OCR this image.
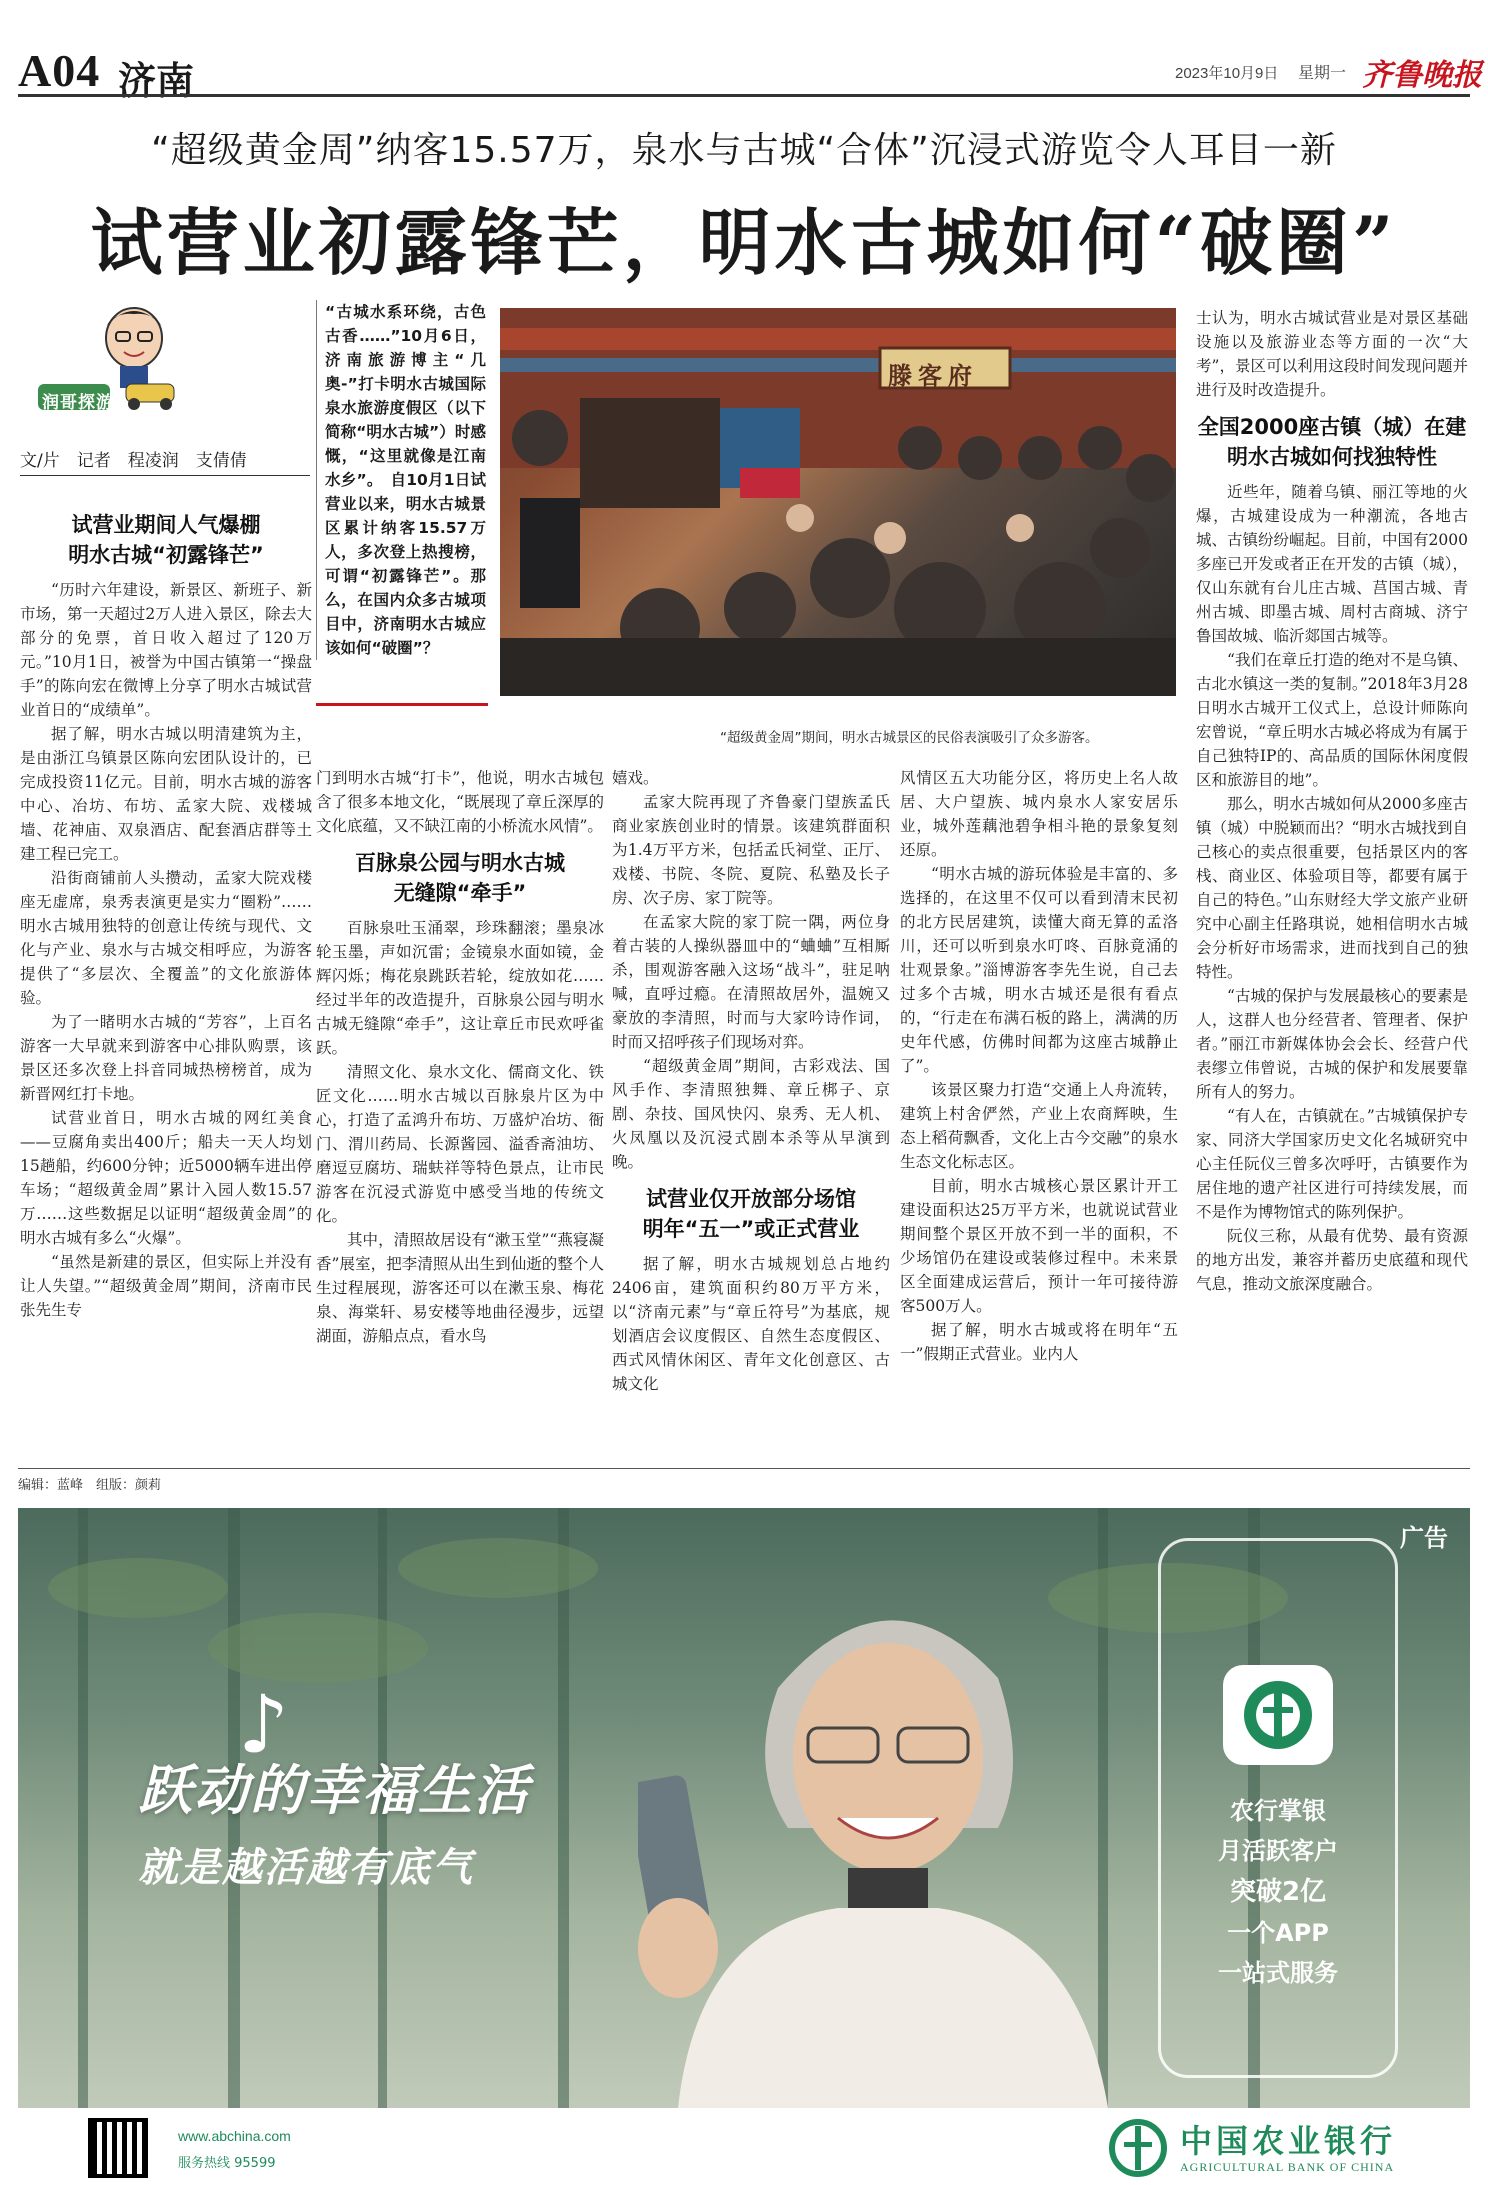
A04 济南	2023年10月9日 星期一 齐鲁晚报
“超级黄金周”纳客15.57万，泉水与古城“合体”沉浸式游览令人耳目一新
试营业初露锋芒，明水古城如何“破圈”
润哥探游
文/片　记者　程凌润　支倩倩
“古城水系环绕，古色古香……”10月6日，济南旅游博主“几奥-”打卡明水古城国际泉水旅游度假区（以下简称“明水古城”）时感慨，“这里就像是江南水乡”。　自10月1日试营业以来，明水古城景区累计纳客15.57万人，多次登上热搜榜，可谓“初露锋芒”。那么，在国内众多古城项目中，济南明水古城应该如何“破圈”？
滕客府
“超级黄金周”期间，明水古城景区的民俗表演吸引了众多游客。
试营业期间人气爆棚
明水古城“初露锋芒”

“历时六年建设，新景区、新班子、新市场，第一天超过2万人进入景区，除去大部分的免票，首日收入超过了120万元。”10月1日，被誉为中国古镇第一“操盘手”的陈向宏在微博上分享了明水古城试营业首日的“成绩单”。

据了解，明水古城以明清建筑为主，是由浙江乌镇景区陈向宏团队设计的，已完成投资11亿元。目前，明水古城的游客中心、冶坊、布坊、孟家大院、戏楼城墙、花神庙、双泉酒店、配套酒店群等土建工程已完工。

沿街商铺前人头攒动，孟家大院戏楼座无虚席，泉秀表演更是实力“圈粉”……明水古城用独特的创意让传统与现代、文化与产业、泉水与古城交相呼应，为游客提供了“多层次、全覆盖”的文化旅游体验。

为了一睹明水古城的“芳容”，上百名游客一大早就来到游客中心排队购票，该景区还多次登上抖音同城热榜榜首，成为新晋网红打卡地。

试营业首日，明水古城的网红美食——豆腐角卖出400斤；船夫一天人均划15趟船，约600分钟；近5000辆车进出停车场；“超级黄金周”累计入园人数15.57万……这些数据足以证明“超级黄金周”的明水古城有多么“火爆”。

“虽然是新建的景区，但实际上并没有让人失望。”“超级黄金周”期间，济南市民张先生专

门到明水古城“打卡”，他说，明水古城包含了很多本地文化，“既展现了章丘深厚的文化底蕴，又不缺江南的小桥流水风情”。
百脉泉公园与明水古城
无缝隙“牵手”

百脉泉吐玉涌翠，珍珠翻滚；墨泉冰轮玉墨，声如沉雷；金镜泉水面如镜，金辉闪烁；梅花泉跳跃若轮，绽放如花……经过半年的改造提升，百脉泉公园与明水古城无缝隙“牵手”，这让章丘市民欢呼雀跃。

清照文化、泉水文化、儒商文化、铁匠文化……明水古城以百脉泉片区为中心，打造了孟鸿升布坊、万盛炉冶坊、衙门、渭川药局、长源酱园、溢香斋油坊、磨逗豆腐坊、瑞蚨祥等特色景点，让市民游客在沉浸式游览中感受当地的传统文化。

其中，清照故居设有“漱玉堂”“燕寝凝香”展室，把李清照从出生到仙逝的整个人生过程展现，游客还可以在漱玉泉、梅花泉、海棠轩、易安楼等地曲径漫步，远望湖面，游船点点，看水鸟

嬉戏。

孟家大院再现了齐鲁豪门望族孟氏商业家族创业时的情景。该建筑群面积为1.4万平方米，包括孟氏祠堂、正厅、戏楼、书院、冬院、夏院、私塾及长子房、次子房、家丁院等。

在孟家大院的家丁院一隅，两位身着古装的人操纵器皿中的“蛐蛐”互相厮杀，围观游客融入这场“战斗”，驻足呐喊，直呼过瘾。在清照故居外，温婉又豪放的李清照，时而与大家吟诗作词，时而又招呼孩子们现场对弈。

“超级黄金周”期间，古彩戏法、国风手作、李清照独舞、章丘梆子、京剧、杂技、国风快闪、泉秀、无人机、火凤凰以及沉浸式剧本杀等从早演到晚。

试营业仅开放部分场馆
明年“五一”或正式营业

据了解，明水古城规划总占地约2406亩，建筑面积约80万平方米，以“济南元素”与“章丘符号”为基底，规划酒店会议度假区、自然生态度假区、西式风情休闲区、青年文化创意区、古城文化

风情区五大功能分区，将历史上名人故居、大户望族、城内泉水人家安居乐业，城外莲藕池碧争相斗艳的景象复刻还原。

“明水古城的游玩体验是丰富的、多选择的，在这里不仅可以看到清末民初的北方民居建筑，读懂大商无算的孟洛川，还可以听到泉水叮咚、百脉竟涌的壮观景象。”淄博游客李先生说，自己去过多个古城，明水古城还是很有看点的，“行走在布满石板的路上，满满的历史年代感，仿佛时间都为这座古城静止了”。

该景区聚力打造“交通上人舟流转，建筑上村舍俨然，产业上农商辉映，生态上稻荷飘香，文化上古今交融”的泉水生态文化标志区。

目前，明水古城核心景区累计开工建设面积达25万平方米，也就说试营业期间整个景区开放不到一半的面积，不少场馆仍在建设或装修过程中。未来景区全面建成运营后，预计一年可接待游客500万人。

据了解，明水古城或将在明年“五一”假期正式营业。业内人

士认为，明水古城试营业是对景区基础设施以及旅游业态等方面的一次“大考”，景区可以利用这段时间发现问题并进行及时改造提升。
全国2000座古镇（城）在建
明水古城如何找独特性

近些年，随着乌镇、丽江等地的火爆，古城建设成为一种潮流，各地古城、古镇纷纷崛起。目前，中国有2000多座已开发或者正在开发的古镇（城），仅山东就有台儿庄古城、莒国古城、青州古城、即墨古城、周村古商城、济宁鲁国故城、临沂郯国古城等。

“我们在章丘打造的绝对不是乌镇、古北水镇这一类的复制。”2018年3月28日明水古城开工仪式上，总设计师陈向宏曾说，“章丘明水古城必将成为有属于自己独特IP的、高品质的国际休闲度假区和旅游目的地”。

那么，明水古城如何从2000多座古镇（城）中脱颖而出？“明水古城找到自己核心的卖点很重要，包括景区内的客栈、商业区、体验项目等，都要有属于自己的特色。”山东财经大学文旅产业研究中心副主任路琪说，她相信明水古城会分析好市场需求，进而找到自己的独特性。

“古城的保护与发展最核心的要素是人，这群人也分经营者、管理者、保护者。”丽江市新媒体协会会长、经营户代表缪立伟曾说，古城的保护和发展要靠所有人的努力。

“有人在，古镇就在。”古城镇保护专家、同济大学国家历史文化名城研究中心主任阮仪三曾多次呼吁，古镇要作为居住地的遗产社区进行可持续发展，而不是作为博物馆式的陈列保护。

阮仪三称，从最有优势、最有资源的地方出发，兼容并蓄历史底蕴和现代气息，推动文旅深度融合。

编辑：蓝峰　组版：颜莉
跃动的幸福生活
就是越活越有底气
♪
广告
农行掌银
月活跃客户
突破2亿
一个APP
一站式服务
www.abchina.com
服务热线 95599
中国农业银行
AGRICULTURAL BANK OF CHINA
